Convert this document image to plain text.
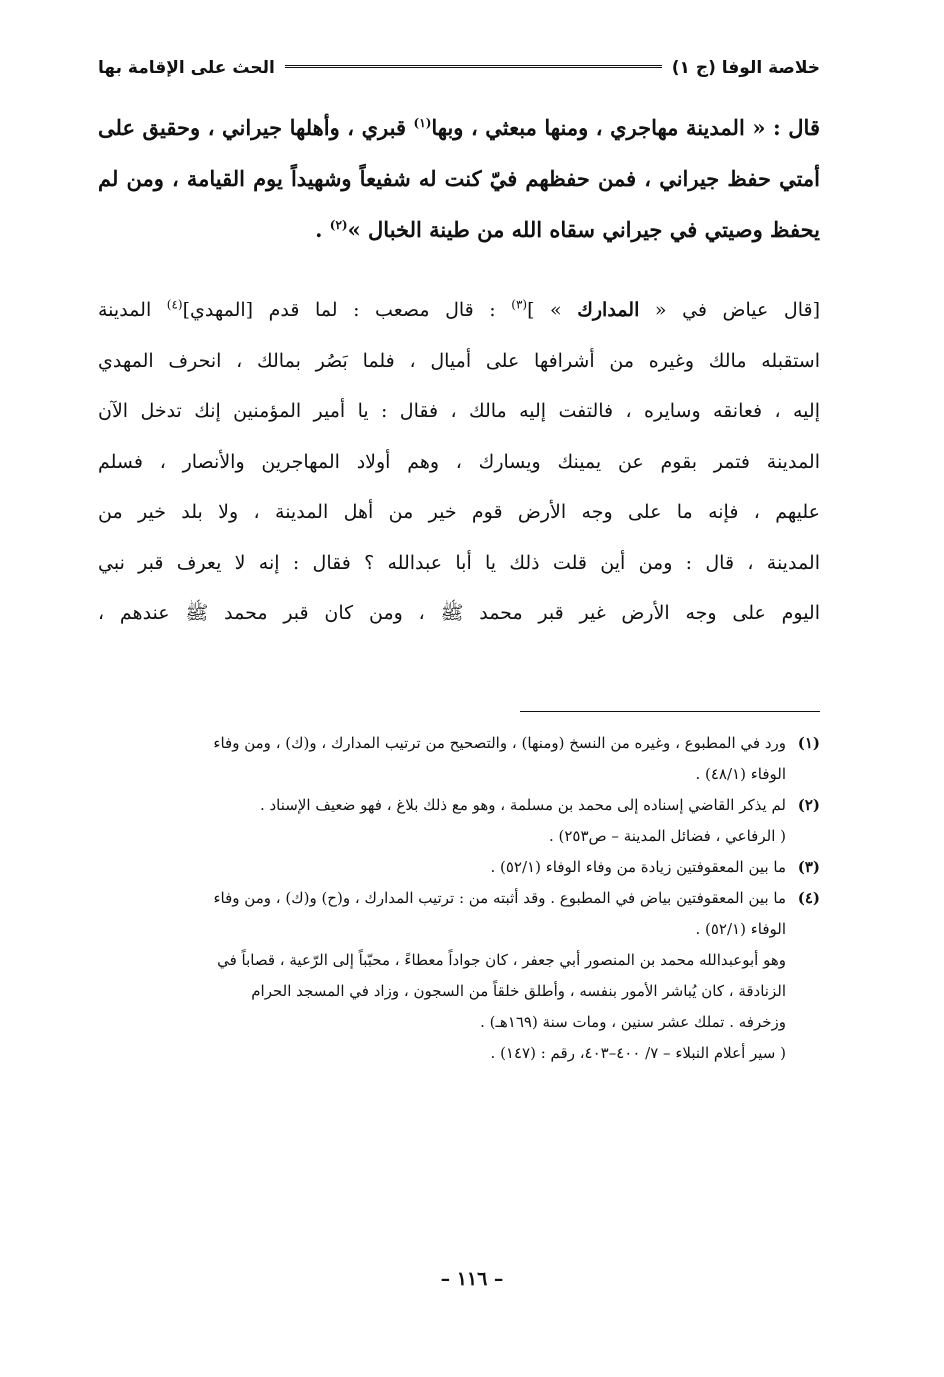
خلاصة الوفا (ج ١)
الحث على الإقامة بها
قال : « المدينة مهاجري ، ومنها مبعثي ، وبها$^{(١)}$ قبري ، وأهلها جيراني ، وحقيق على أمتي حفظ جيراني ، فمن حفظهم فيّ كنت له شفيعاً وشهيداً يوم القيامة ، ومن لم يحفظ وصيتي في جيراني سقاه الله من طينة الخبال »$^{(٢)}$ .
[قال عياض في « المدارك » ]$^{(٣)}$ : قال مصعب : لما قدم [المهدي]$^{(٤)}$ المدينة
استقبله مالك وغيره من أشرافها على أميال ، فلما بَصُر بمالك ، انحرف المهدي
إليه ، فعانقه وسايره ، فالتفت إليه مالك ، فقال : يا أمير المؤمنين إنك تدخل الآن
المدينة فتمر بقوم عن يمينك ويسارك ، وهم أولاد المهاجرين والأنصار ، فسلم
عليهم ، فإنه ما على وجه الأرض قوم خير من أهل المدينة ، ولا بلد خير من
المدينة ، قال : ومن أين قلت ذلك يا أبا عبدالله ؟ فقال : إنه لا يعرف قبر نبي
اليوم على وجه الأرض غير قبر محمد ﷺ ، ومن كان قبر محمد ﷺ عندهم ،
(١)
ورد في المطبوع ، وغيره من النسخ (ومنها) ، والتصحيح من ترتيب المدارك ، و(ك) ، ومن وفاء
الوفاء (٤٨/١) .
(٢)
لم يذكر القاضي إسناده إلى محمد بن مسلمة ، وهو مع ذلك بلاغ ، فهو ضعيف الإسناد .
( الرفاعي ، فضائل المدينة – ص٢٥٣) .
(٣)
ما بين المعقوفتين زيادة من وفاء الوفاء (٥٢/١) .
(٤)
ما بين المعقوفتين بياض في المطبوع . وقد أثبته من : ترتيب المدارك ، و(ح) و(ك) ، ومن وفاء
الوفاء (٥٢/١) .
وهو أبوعبدالله محمد بن المنصور أبي جعفر ، كان جواداً معطاءً ، محبّباً إلى الرّعية ، قصاباً في
الزنادقة ، كان يُباشر الأمور بنفسه ، وأطلق خلقاً من السجون ، وزاد في المسجد الحرام
وزخرفه . تملك عشر سنين ، ومات سنة (١٦٩هـ) .
( سير أعلام النبلاء – ٧/ ٤٠٠–٤٠٣، رقم : (١٤٧) .
– ١١٦ –
